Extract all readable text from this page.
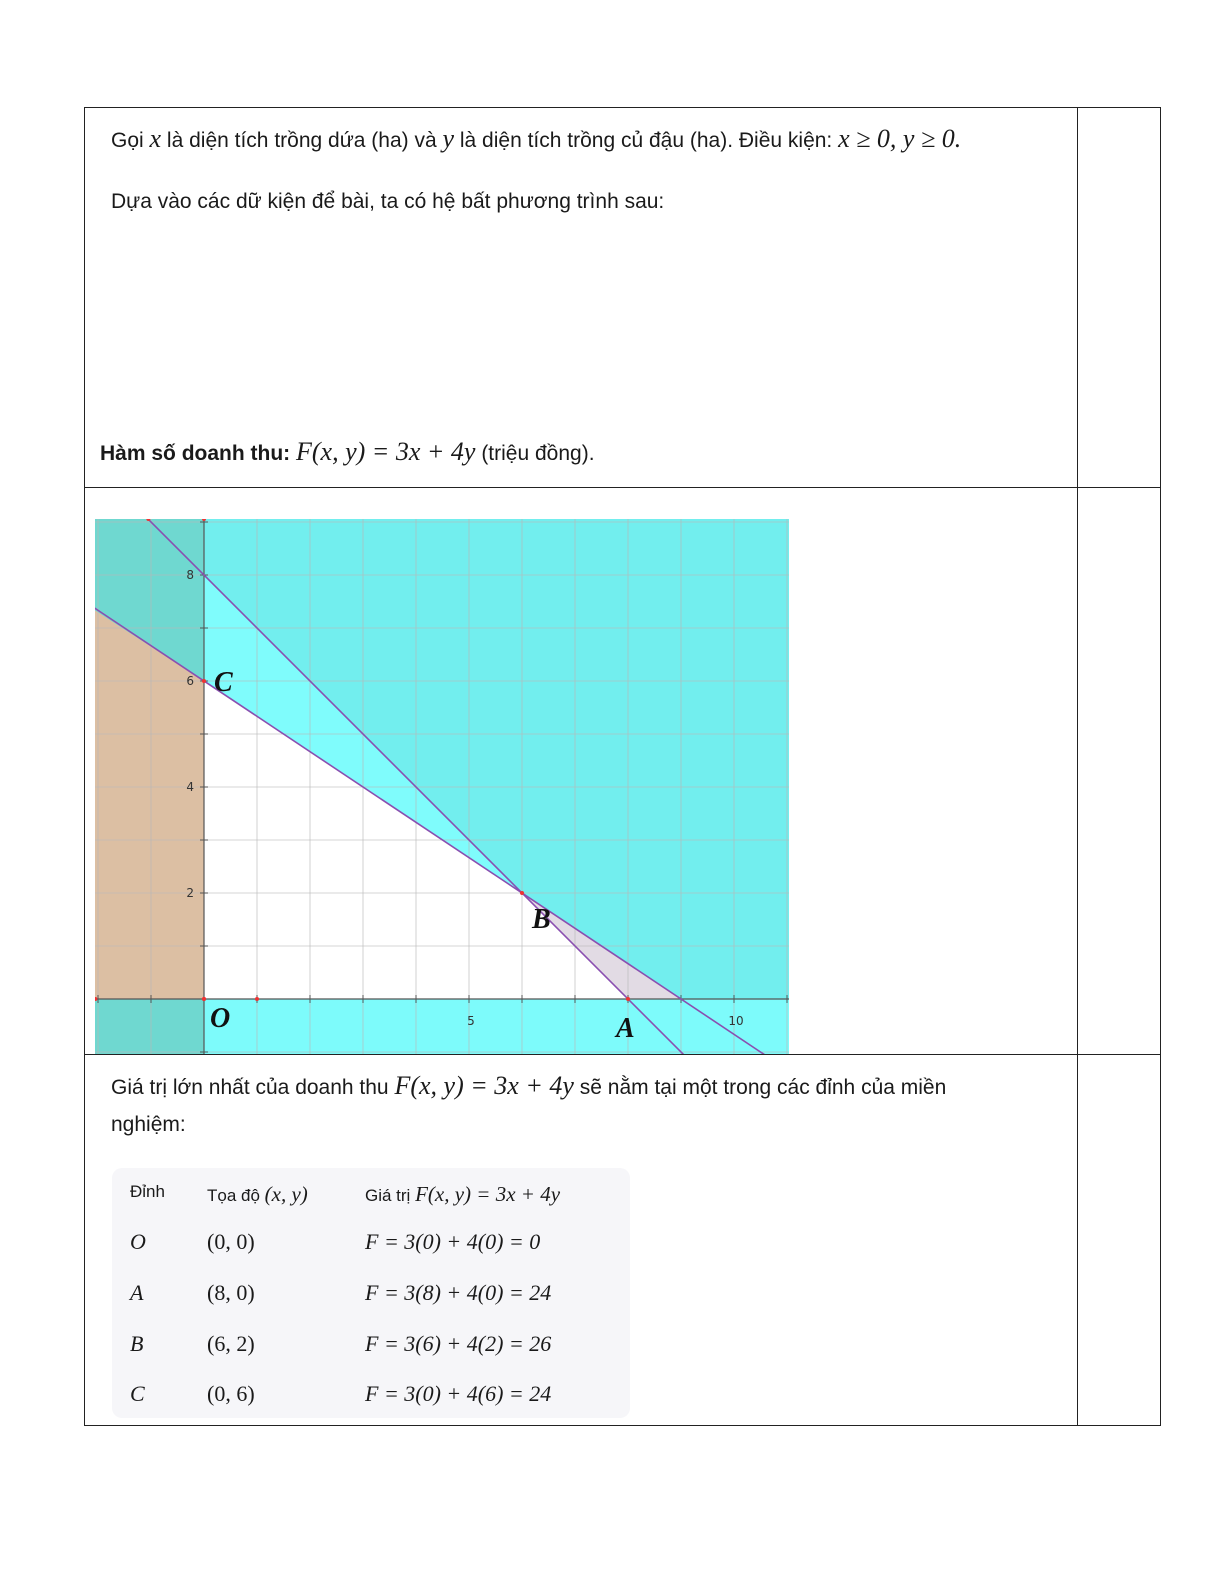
Gọi x là diện tích trồng dứa (ha) và y là diện tích trồng củ đậu (ha). Điều kiện: x ≥ 0, y ≥ 0.
Dựa vào các dữ kiện để bài, ta có hệ bất phương trình sau:
Hàm số doanh thu: F(x, y) = 3x + 4y (triệu đồng).
Giá trị lớn nhất của doanh thu F(x, y) = 3x + 4y sẽ nằm tại một trong các đỉnh của miền
nghiệm:
Đỉnh Tọa độ (x, y)	Giá trị F(x, y) = 3x + 4y
O	(0, 0)	F = 3(0) + 4(0) = 0
A	(8, 0)	F = 3(8) + 4(0) = 24
B	(6, 2)	F = 3(6) + 4(2) = 26
C	(0, 6)	F = 3(0) + 4(6) = 24
5	10
2
4
6
8
O	A
B
C
